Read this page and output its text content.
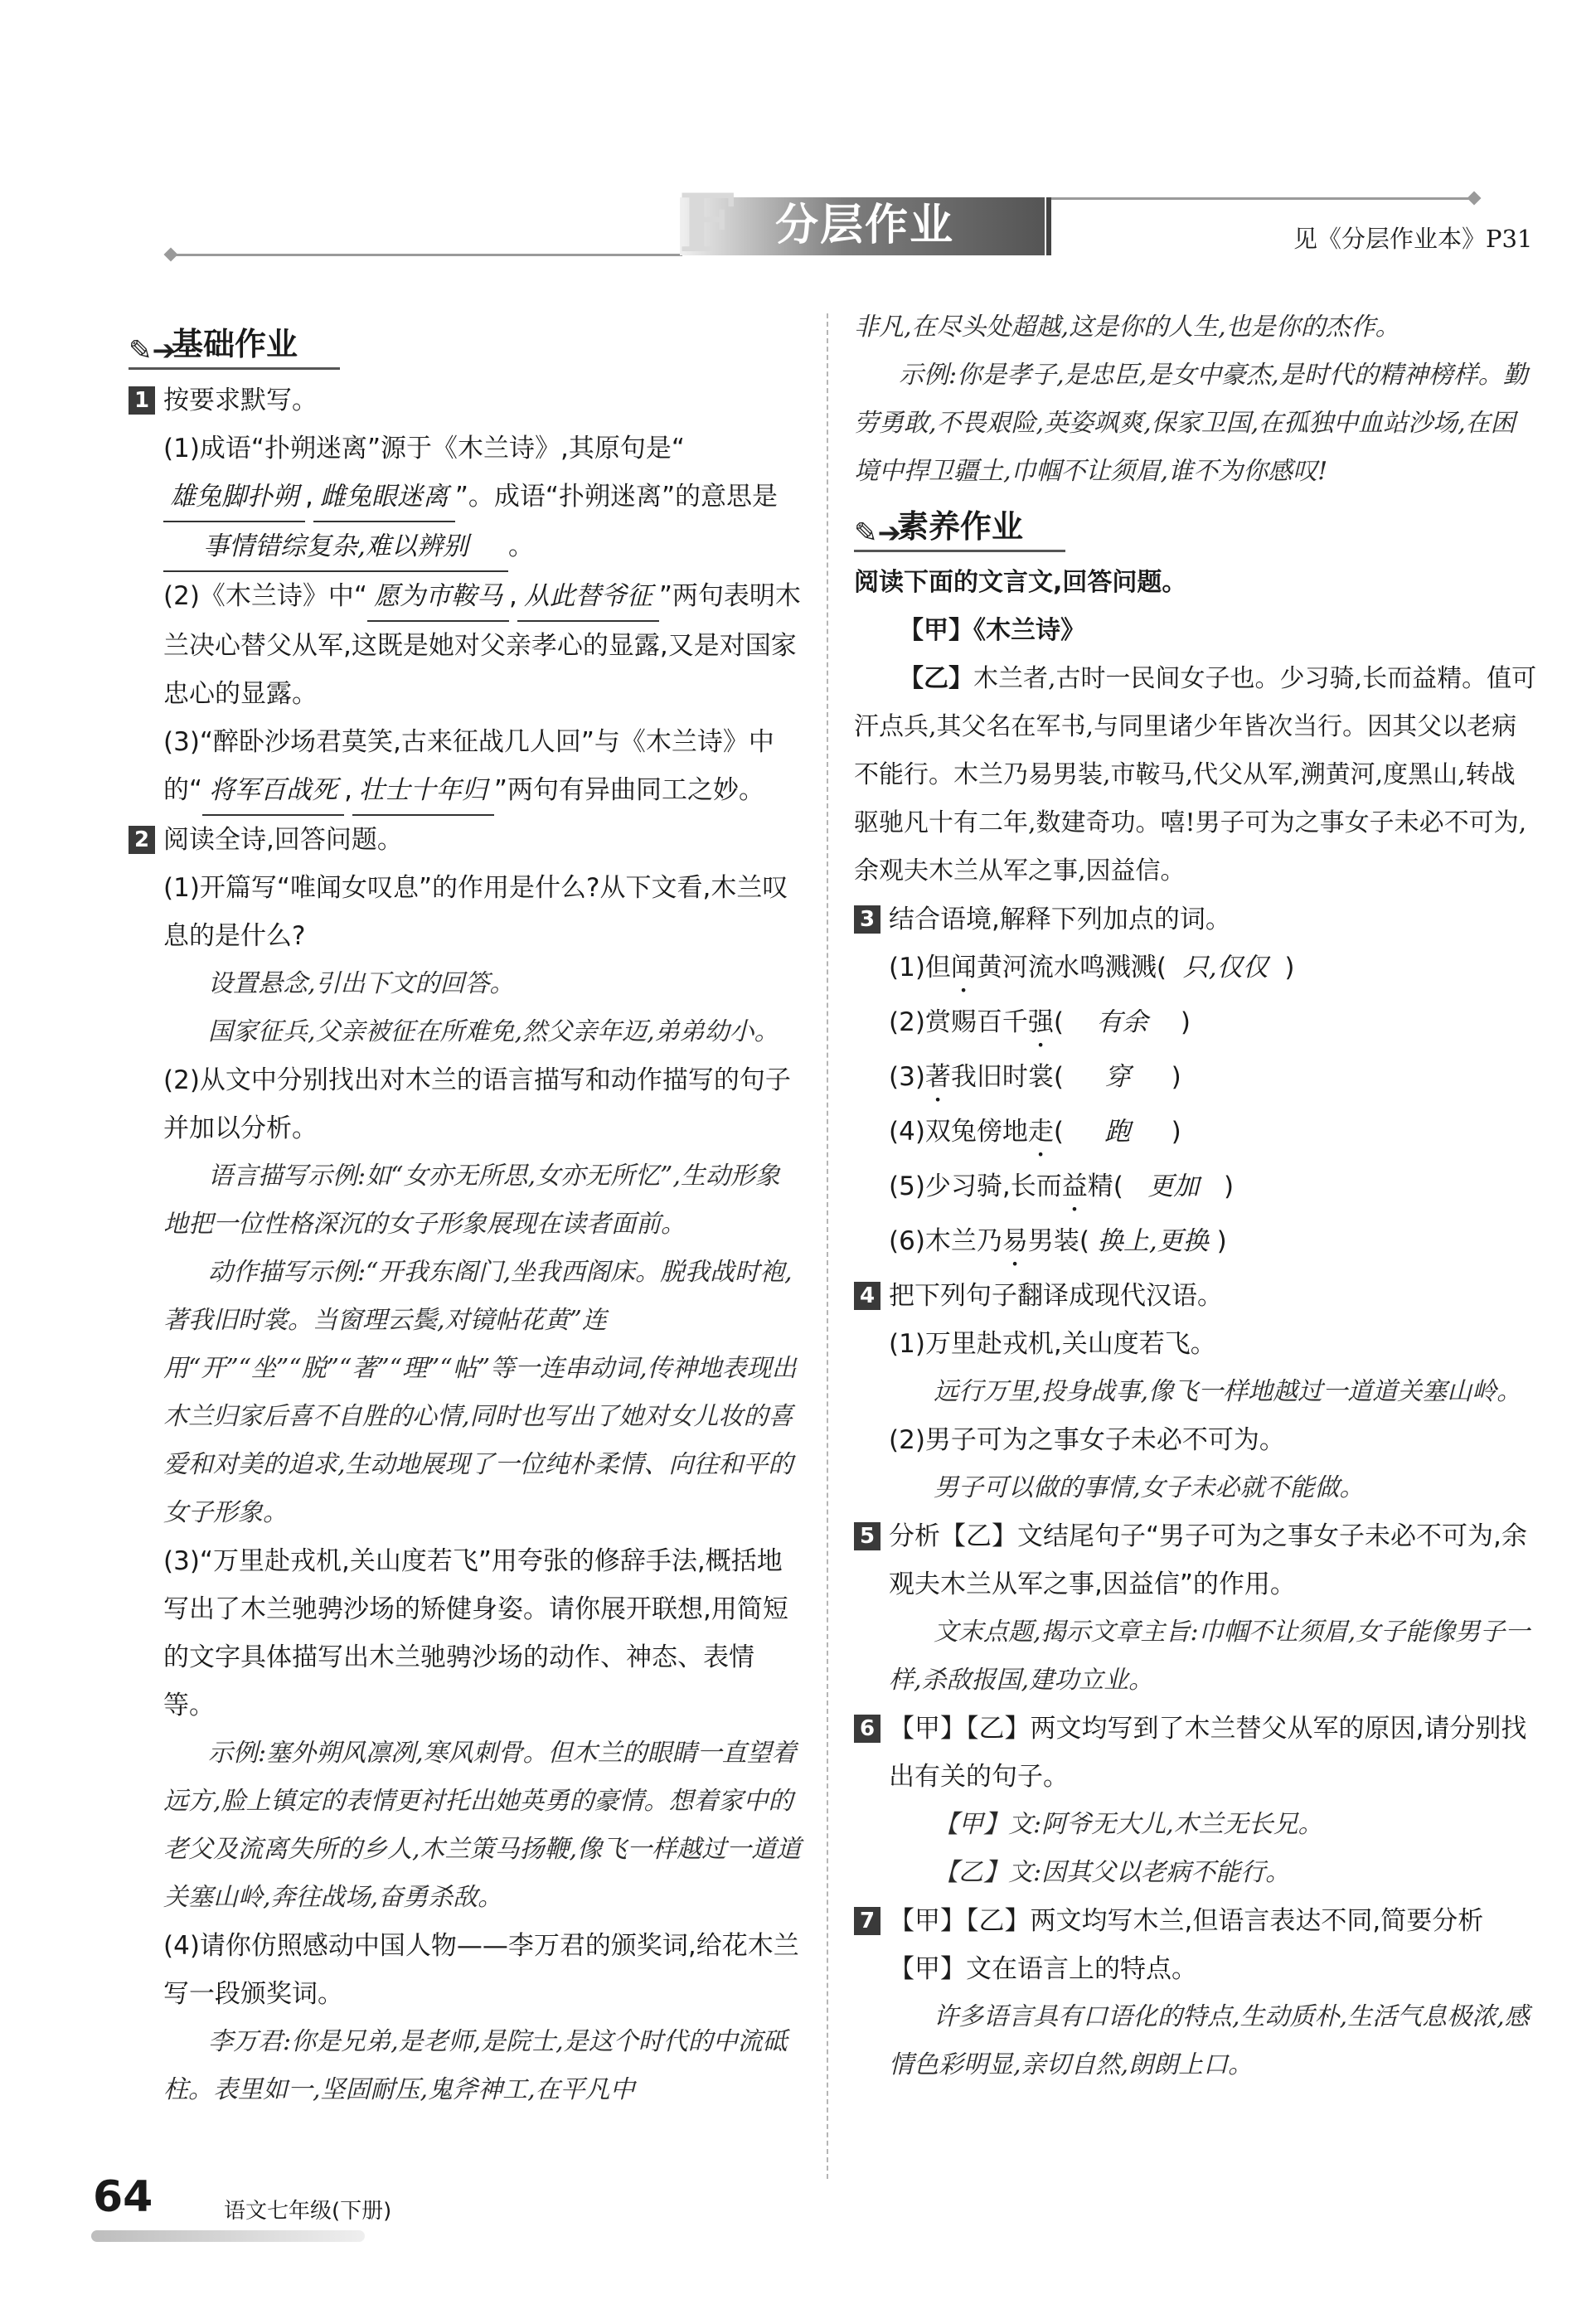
F 分层作业	见《分层作业本》P31
✎➔
基础作业
1 按要求默写。
(1)成语“扑朔迷离”源于《木兰诗》,其原句是“雄兔脚扑朔 , 雌兔眼迷离 ”。成语“扑朔迷离”的意思是事情错综复杂,难以辨别 。
(2)《木兰诗》中“ 愿为市鞍马 , 从此替爷征 ”两句表明木兰决心替父从军,这既是她对父亲孝心的显露,又是对国家忠心的显露。
(3)“醉卧沙场君莫笑,古来征战几人回”与《木兰诗》中的“ 将军百战死 , 壮士十年归 ”两句有异曲同工之妙。
2 阅读全诗,回答问题。
(1)开篇写“唯闻女叹息”的作用是什么?从下文看,木兰叹息的是什么?
设置悬念,引出下文的回答。
国家征兵,父亲被征在所难免,然父亲年迈,弟弟幼小。
(2)从文中分别找出对木兰的语言描写和动作描写的句子并加以分析。
语言描写示例:如“女亦无所思,女亦无所忆”,生动形象地把一位性格深沉的女子形象展现在读者面前。
动作描写示例:“开我东阁门,坐我西阁床。脱我战时袍,著我旧时裳。当窗理云鬓,对镜帖花黄”连用“开”“坐”“脱”“著”“理”“帖”等一连串动词,传神地表现出木兰归家后喜不自胜的心情,同时也写出了她对女儿妆的喜爱和对美的追求,生动地展现了一位纯朴柔情、向往和平的女子形象。
(3)“万里赴戎机,关山度若飞”用夸张的修辞手法,概括地写出了木兰驰骋沙场的矫健身姿。请你展开联想,用简短的文字具体描写出木兰驰骋沙场的动作、神态、表情等。
示例:塞外朔风凛冽,寒风刺骨。但木兰的眼睛一直望着远方,脸上镇定的表情更衬托出她英勇的豪情。想着家中的老父及流离失所的乡人,木兰策马扬鞭,像飞一样越过一道道关塞山岭,奔往战场,奋勇杀敌。
(4)请你仿照感动中国人物——李万君的颁奖词,给花木兰写一段颁奖词。
李万君:你是兄弟,是老师,是院士,是这个时代的中流砥柱。表里如一,坚固耐压,鬼斧神工,在平凡中
非凡,在尽头处超越,这是你的人生,也是你的杰作。
示例:你是孝子,是忠臣,是女中豪杰,是时代的精神榜样。勤劳勇敢,不畏艰险,英姿飒爽,保家卫国,在孤独中血站沙场,在困境中捍卫疆土,巾帼不让须眉,谁不为你感叹!
✎➔
素养作业
阅读下面的文言文,回答问题。
【甲】《木兰诗》
【乙】木兰者,古时一民间女子也。少习骑,长而益精。值可汗点兵,其父名在军书,与同里诸少年皆次当行。因其父以老病不能行。木兰乃易男装,市鞍马,代父从军,溯黄河,度黑山,转战驱驰凡十有二年,数建奇功。嘻!男子可为之事女子未必不可为,余观夫木兰从军之事,因益信。
3 结合语境,解释下列加点的词。
(1)但闻黄河流水鸣溅溅( 只,仅仅 )
(2)赏赐百千强( 有余 )
(3)著我旧时裳( 穿 )
(4)双兔傍地走( 跑 )
(5)少习骑,长而益精( 更加 )
(6)木兰乃易男装( 换上,更换 )
4 把下列句子翻译成现代汉语。
(1)万里赴戎机,关山度若飞。
远行万里,投身战事,像飞一样地越过一道道关塞山岭。
(2)男子可为之事女子未必不可为。
男子可以做的事情,女子未必就不能做。
5 分析【乙】文结尾句子“男子可为之事女子未必不可为,余观夫木兰从军之事,因益信”的作用。
文末点题,揭示文章主旨:巾帼不让须眉,女子能像男子一样,杀敌报国,建功立业。
6 【甲】【乙】两文均写到了木兰替父从军的原因,请分别找出有关的句子。
【甲】文:阿爷无大儿,木兰无长兄。
【乙】文:因其父以老病不能行。
7 【甲】【乙】两文均写木兰,但语言表达不同,简要分析【甲】文在语言上的特点。
许多语言具有口语化的特点,生动质朴,生活气息极浓,感情色彩明显,亲切自然,朗朗上口。
64	语文七年级(下册)
